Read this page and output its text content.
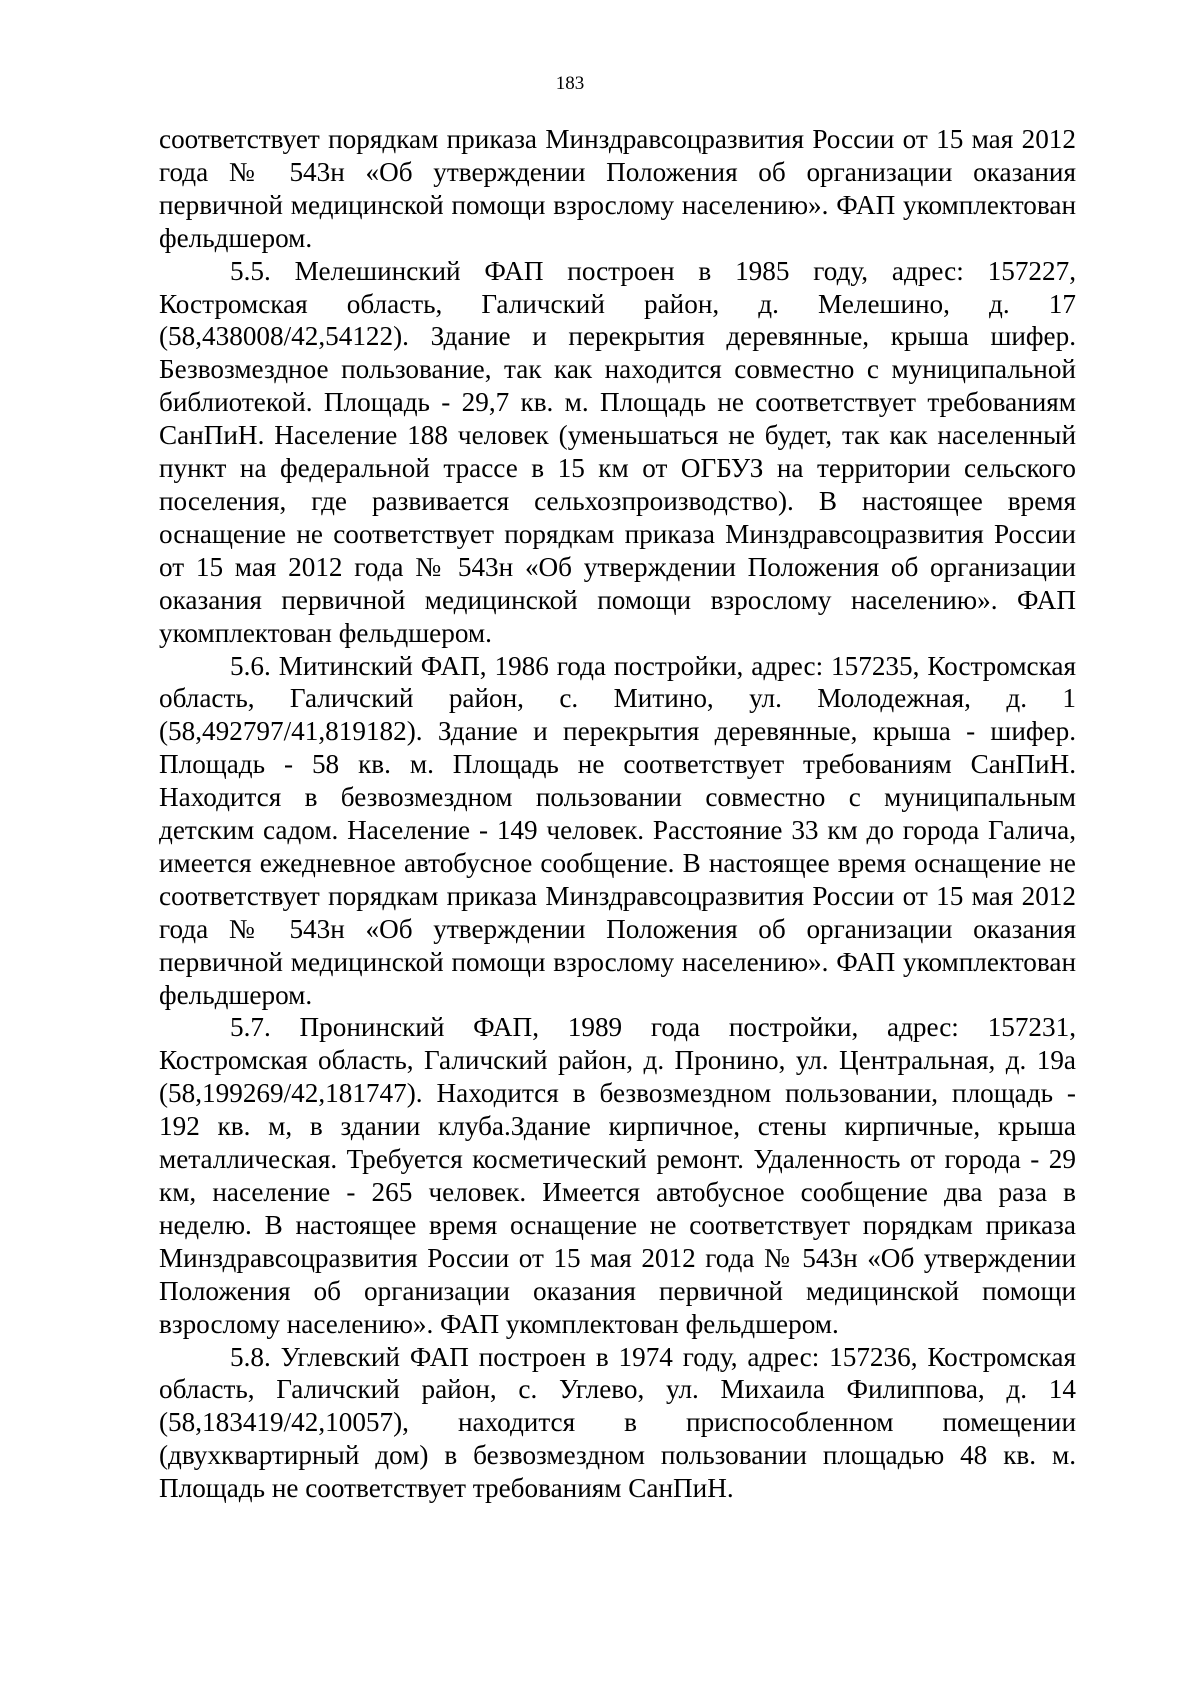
183

соответствует порядкам приказа Минздравсоцразвития России от 15 мая 2012 года № 543н «Об утверждении Положения об организации оказания первичной медицинской помощи взрослому населению». ФАП укомплектован фельдшером.

5.5. Мелешинский ФАП построен в 1985 году, адрес: 157227, Костромская область, Галичский район, д. Мелешино, д. 17 (58,438008/42,54122). Здание и перекрытия деревянные, крыша шифер. Безвозмездное пользование, так как находится совместно с муниципальной библиотекой. Площадь - 29,7 кв. м. Площадь не соответствует требованиям СанПиН. Население 188 человек (уменьшаться не будет, так как населенный пункт на федеральной трассе в 15 км от ОГБУЗ на территории сельского поселения, где развивается сельхозпроизводство). В настоящее время оснащение не соответствует порядкам приказа Минздравсоцразвития России от 15 мая 2012 года № 543н «Об утверждении Положения об организации оказания первичной медицинской помощи взрослому населению». ФАП укомплектован фельдшером.

5.6. Митинский ФАП, 1986 года постройки, адрес: 157235, Костромская область, Галичский район, с. Митино, ул. Молодежная, д. 1 (58,492797/41,819182). Здание и перекрытия деревянные, крыша - шифер. Площадь - 58 кв. м. Площадь не соответствует требованиям СанПиН. Находится в безвозмездном пользовании совместно с муниципальным детским садом. Население - 149 человек. Расстояние 33 км до города Галича, имеется ежедневное автобусное сообщение. В настоящее время оснащение не соответствует порядкам приказа Минздравсоцразвития России от 15 мая 2012 года № 543н «Об утверждении Положения об организации оказания первичной медицинской помощи взрослому населению». ФАП укомплектован фельдшером.

5.7. Пронинский ФАП, 1989 года постройки, адрес: 157231, Костромская область, Галичский район, д. Пронино, ул. Центральная, д. 19а (58,199269/42,181747). Находится в безвозмездном пользовании, площадь - 192 кв. м, в здании клуба.Здание кирпичное, стены кирпичные, крыша металлическая. Требуется косметический ремонт. Удаленность от города - 29 км, население - 265 человек. Имеется автобусное сообщение два раза в неделю. В настоящее время оснащение не соответствует порядкам приказа Минздравсоцразвития России от 15 мая 2012 года № 543н «Об утверждении Положения об организации оказания первичной медицинской помощи взрослому населению». ФАП укомплектован фельдшером.

5.8. Углевский ФАП построен в 1974 году, адрес: 157236, Костромская область, Галичский район, с. Углево, ул. Михаила Филиппова, д. 14 (58,183419/42,10057), находится в приспособленном помещении (двухквартирный дом) в безвозмездном пользовании площадью 48 кв. м. Площадь не соответствует требованиям СанПиН.
